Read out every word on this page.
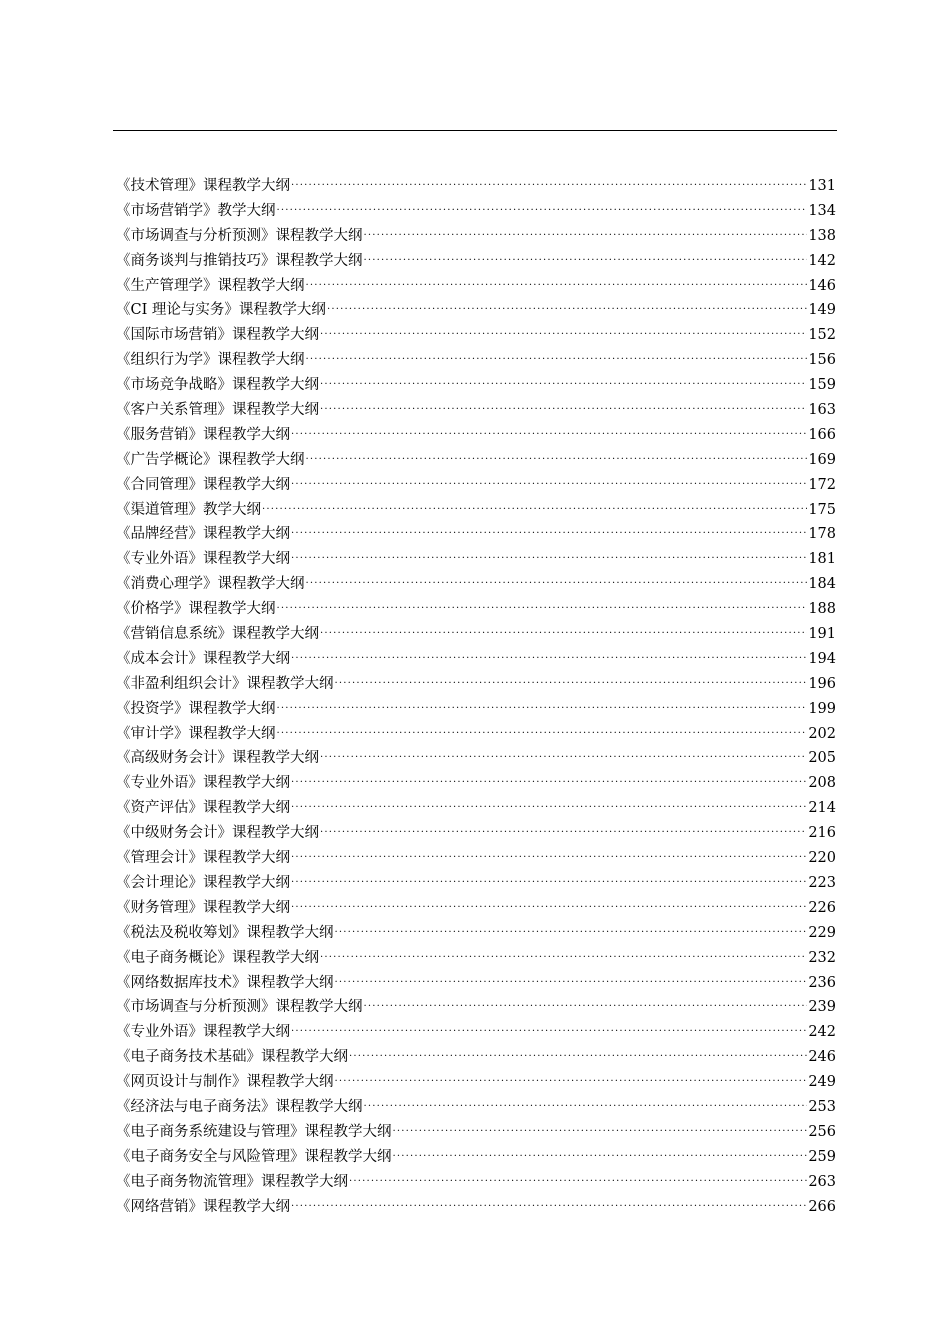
《技术管理》课程教学大纲 .....	131
《市场营销学》教学大纲 .....	134
《市场调查与分析预测》课程教学大纲 .....	138
《商务谈判与推销技巧》课程教学大纲 .....	142
《生产管理学》课程教学大纲 .....	146
《CI 理论与实务》课程教学大纲 .....	149
《国际市场营销》课程教学大纲 .....	152
《组织行为学》课程教学大纲 .....	156
《市场竞争战略》课程教学大纲 .....	159
《客户关系管理》课程教学大纲 .....	163
《服务营销》课程教学大纲 .....	166
《广告学概论》课程教学大纲 .....	169
《合同管理》课程教学大纲 .....	172
《渠道管理》教学大纲 .....	175
《品牌经营》课程教学大纲 .....	178
《专业外语》课程教学大纲 .....	181
《消费心理学》课程教学大纲 .....	184
《价格学》课程教学大纲 .....	188
《营销信息系统》课程教学大纲 .....	191
《成本会计》课程教学大纲 .....	194
《非盈利组织会计》课程教学大纲 .....	196
《投资学》课程教学大纲 .....	199
《审计学》课程教学大纲 .....	202
《高级财务会计》课程教学大纲 .....	205
《专业外语》课程教学大纲 .....	208
《资产评估》课程教学大纲 .....	214
《中级财务会计》课程教学大纲 .....	216
《管理会计》课程教学大纲 .....	220
《会计理论》课程教学大纲 .....	223
《财务管理》课程教学大纲 .....	226
《税法及税收筹划》课程教学大纲 .....	229
《电子商务概论》课程教学大纲 .....	232
《网络数据库技术》课程教学大纲 .....	236
《市场调查与分析预测》课程教学大纲 .....	239
《专业外语》课程教学大纲 .....	242
《电子商务技术基础》课程教学大纲 .....	246
《网页设计与制作》课程教学大纲 .....	249
《经济法与电子商务法》课程教学大纲 .....	253
《电子商务系统建设与管理》课程教学大纲 .....	256
《电子商务安全与风险管理》课程教学大纲 .....	259
《电子商务物流管理》课程教学大纲 .....	263
《网络营销》课程教学大纲 .....	266
